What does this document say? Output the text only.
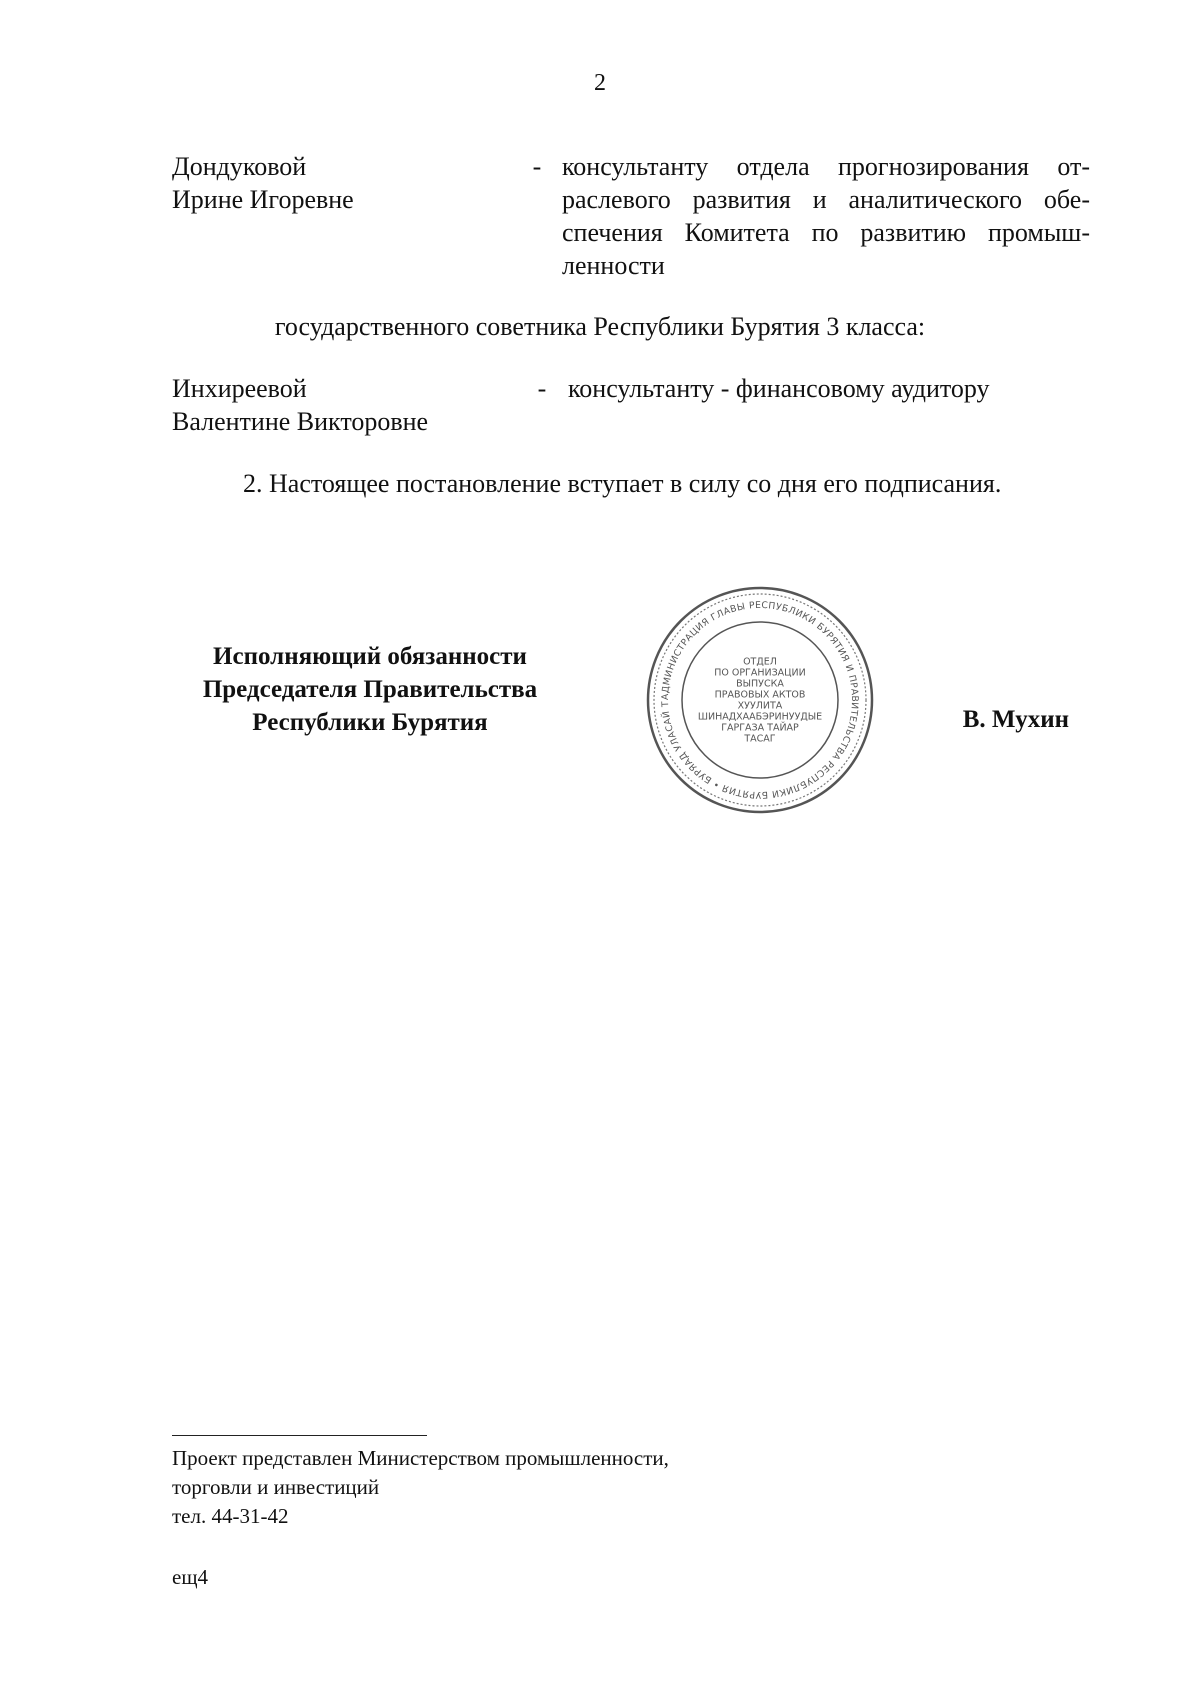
2
Дондуковой
Ирине Игоревне
- консультанту отдела прогнозирования от-
раслевого развития и аналитического обе-
спечения Комитета по развитию промыш-
ленности
государственного советника Республики Бурятия 3 класса:
Инхиреевой
Валентине Викторовне
- консультанту - финансовому аудитору
2. Настоящее постановление вступает в силу со дня его подписания.
Исполняющий обязанности
Председателя Правительства
Республики Бурятия	В. Мухин
АДМИНИСТРАЦИЯ ГЛАВЫ РЕСПУБЛИКИ БУРЯТИЯ И ПРАВИТЕЛЬСТВА РЕСПУБЛИКИ БУРЯТИЯ • БУРЯАД УЛАСАЙ Т
ОТДЕЛ
ПО ОРГАНИЗАЦИИ
ВЫПУСКА
ПРАВОВЫХ АКТОВ
ХУУЛИТА
ШИНАДХААБЭРИНУУДЫЕ
ГАРГАЗА ТАЙАР
ТАСАГ
Проект представлен Министерством промышленности,
торговли и инвестиций
тел. 44-31-42
ещ4
